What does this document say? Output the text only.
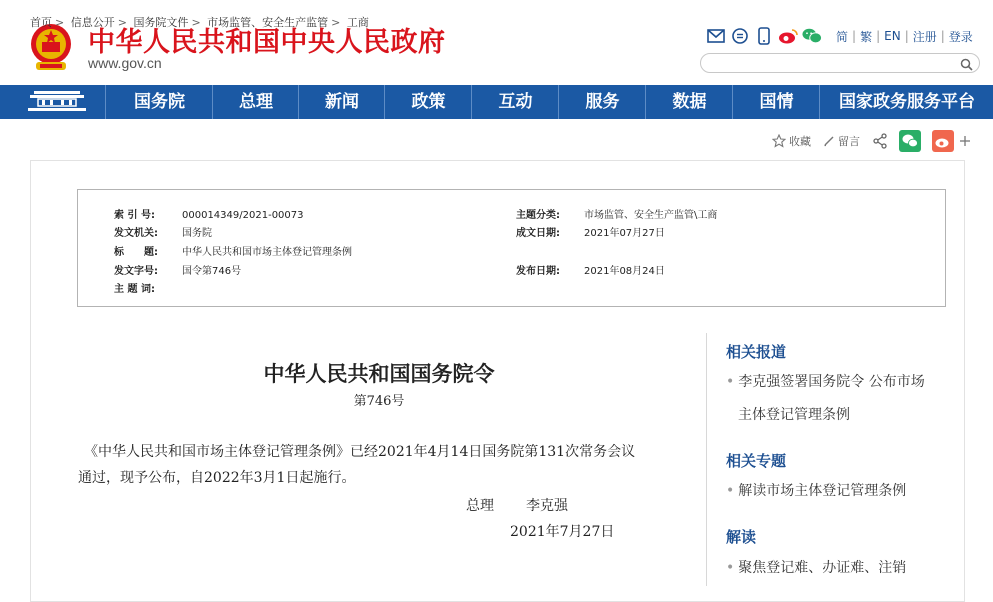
中华人民共和国中央人民政府
www.gov.cn
简 | 繁 | EN | 注册 | 登录
国务院	总理	新闻	政策	互动	服务	数据	国情	国家政务服务平台
首页 > 信息公开 > 国务院文件 > 市场监管、安全生产监管 > 工商
收藏 留言
索 引 号:	000014349/2021-00073
发文机关: 国务院
标　　题: 中华人民共和国市场主体登记管理条例
发文字号: 国令第746号
主 题 词:
主题分类: 市场监管、安全生产监管\工商
成文日期: 2021年07月27日
发布日期: 2021年08月24日
中华人民共和国国务院令
第746号
《中华人民共和国市场主体登记管理条例》已经2021年4月14日国务院第131次常务会议
通过，现予公布，自2022年3月1日起施行。
总理 李克强
2021年7月27日
相关报道
• 李克强签署国务院令 公布市场
主体登记管理条例
相关专题
• 解读市场主体登记管理条例
解读
• 聚焦登记难、办证难、注销
